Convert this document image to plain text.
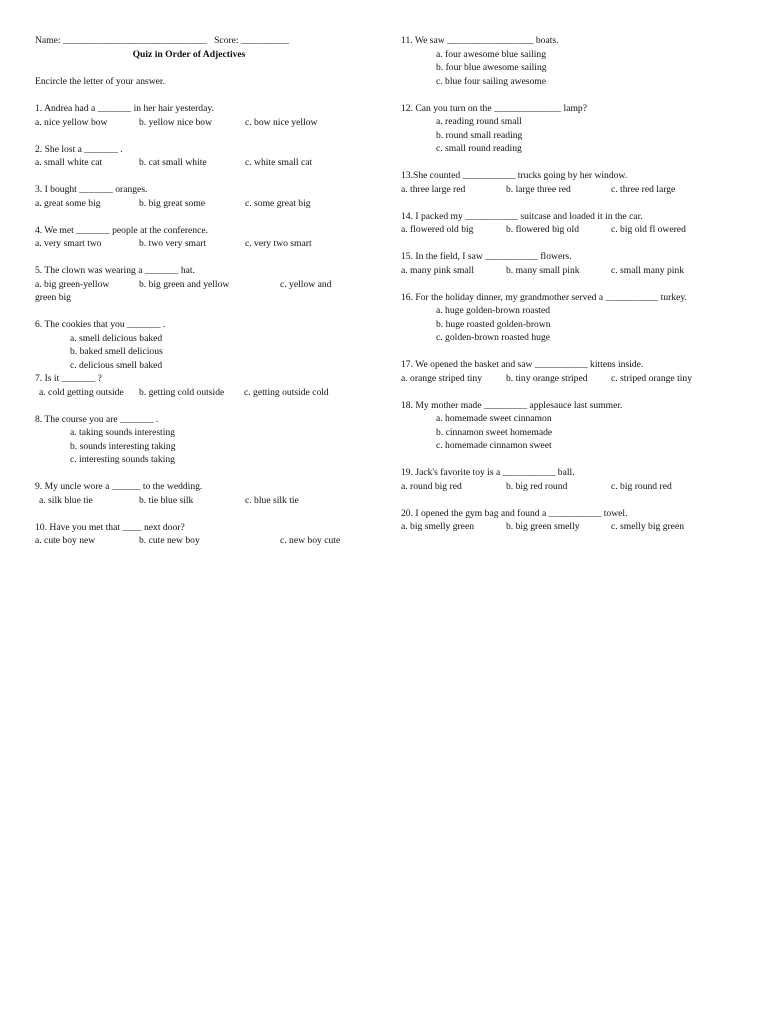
Name: ______________________________ Score: __________
Quiz in Order of Adjectives
Encircle the letter of your answer.
1. Andrea had a _______ in her hair yesterday.
a. nice yellow bow	b. yellow nice bow	c. bow nice yellow
2. She lost a _______ .
a. small white cat	b. cat small white	c. white small cat
3. I bought _______ oranges.
a. great some big	b. big great some	c. some great big
4. We met _______ people at the conference.
a. very smart two	b. two very smart	c. very two smart
5. The clown was wearing a _______ hat.
a. big green-yellow	b. big green and yellow	c. yellow and
green big
6. The cookies that you _______ .
a. smell delicious baked
b. baked smell delicious
c. delicious smell baked
7. Is it _______ ?
a. cold getting outside b. getting cold outside c. getting outside cold
8. The course you are _______ .
a. taking sounds interesting
b. sounds interesting taking
c. interesting sounds taking
9. My uncle wore a ______ to the wedding.
a. silk blue tie	b. tie blue silk	c. blue silk tie
10. Have you met that ____ next door?
a. cute boy new	b. cute new boy	c. new boy cute
11. We saw __________________ boats.
a. four awesome blue sailing
b. four blue awesome sailing
c. blue four sailing awesome
12. Can you turn on the ______________ lamp?
a. reading round small
b. round small reading
c. small round reading
13.She counted ___________ trucks going by her window.
a. three large red	b. large three red	c. three red large
14. I packed my ___________ suitcase and loaded it in the car.
a. flowered old big	b. flowered big old	c. big old fl owered
15. In the field, I saw ___________ flowers.
a. many pink small	b. many small pink	c. small many pink
16. For the holiday dinner, my grandmother served a ___________ turkey.
a. huge golden-brown roasted
b. huge roasted golden-brown
c. golden-brown roasted huge
17. We opened the basket and saw ___________ kittens inside.
a. orange striped tiny	b. tiny orange striped c. striped orange tiny
18. My mother made _________ applesauce last summer.
a. homemade sweet cinnamon
b. cinnamon sweet homemade
c. homemade cinnamon sweet
19. Jack's favorite toy is a ___________ ball.
a. round big red	b. big red round	c. big round red
20. I opened the gym bag and found a ___________ towel.
a. big smelly green	b. big green smelly	c. smelly big green
